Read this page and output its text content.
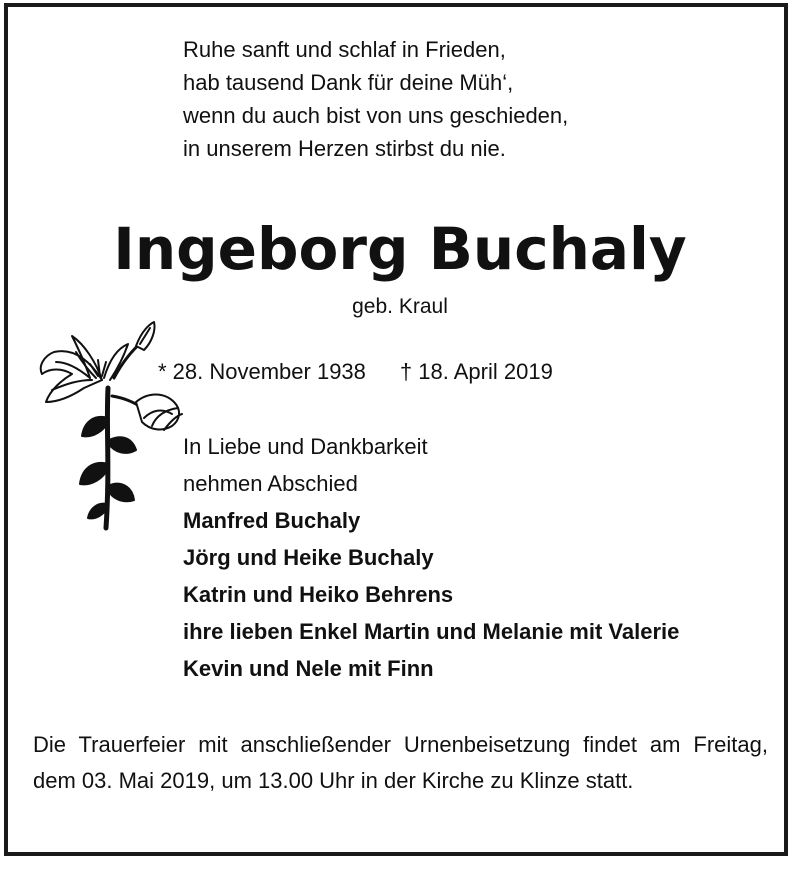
Ruhe sanft und schlaf in Frieden,
hab tausend Dank für deine Müh‘,
wenn du auch bist von uns geschieden,
in unserem Herzen stirbst du nie.
Ingeborg Buchaly
geb. Kraul
* 28. November 1938 † 18. April 2019
In Liebe und Dankbarkeit
nehmen Abschied
Manfred Buchaly
Jörg und Heike Buchaly
Katrin und Heiko Behrens
ihre lieben Enkel Martin und Melanie mit Valerie
Kevin und Nele mit Finn
Die Trauerfeier mit anschließender Urnenbeisetzung findet am Freitag, dem 03. Mai 2019, um 13.00 Uhr in der Kirche zu Klinze statt.
